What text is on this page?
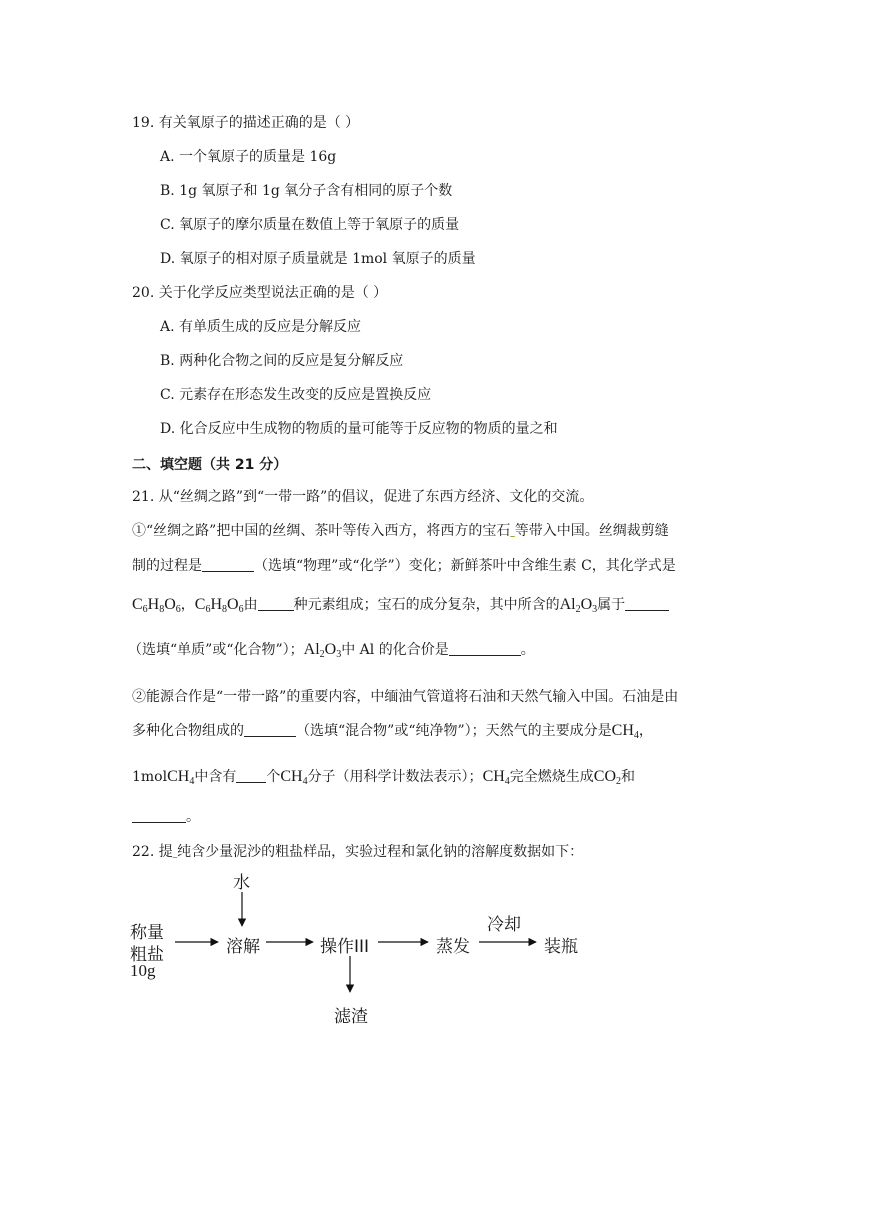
19. 有关氧原子的描述正确的是（ ）
A. 一个氧原子的质量是 16g
B. 1g 氧原子和 1g 氧分子含有相同的原子个数
C. 氧原子的摩尔质量在数值上等于氧原子的质量
D. 氧原子的相对原子质量就是 1mol 氧原子的质量
20. 关于化学反应类型说法正确的是（ ）
A. 有单质生成的反应是分解反应
B. 两种化合物之间的反应是复分解反应
C. 元素存在形态发生改变的反应是置换反应
D. 化合反应中生成物的物质的量可能等于反应物的物质的量之和
二、填空题（共 21 分）
21. 从“丝绸之路”到“一带一路”的倡议，促进了东西方经济、文化的交流。
①“丝绸之路”把中国的丝绸、茶叶等传入西方，将西方的宝石 等带入中国。丝绸裁剪缝
制的过程是	（选填“物理”或“化学”）变化；新鲜茶叶中含维生素 C，其化学式是
$C_6H_8O_6$，$C_6H_8O_6$由	种元素组成；宝石的成分复杂，其中所含的$Al_2O_3$属于
（选填“单质”或“化合物”）；$Al_2O_3$中 Al 的化合价是	。
②能源合作是“一带一路”的重要内容，中缅油气管道将石油和天然气输入中国。石油是由
多种化合物组成的	（选填“混合物”或“纯净物”）；天然气的主要成分是$CH_4$，
1molCH$_4$中含有 个$CH_4$分子（用科学计数法表示）；$CH_4$完全燃烧生成$CO_2$和
。
22. 提 纯含少量泥沙的粗盐样品，实验过程和氯化钠的溶解度数据如下：
水
称量
粗盐
10g
溶解	操作III	蒸发
冷却
装瓶
滤渣
